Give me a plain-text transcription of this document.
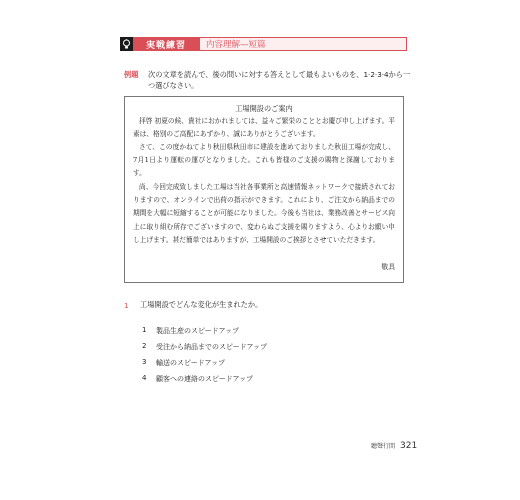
実戦練習	内容理解—短篇
例題 次の文章を読んで、後の問いに対する答えとして最もよいものを、1·2·3·4から一つ選びなさい。
工場開設のご案内
拝啓 初夏の候、貴社におかれましては、益々ご繁栄のこととお慶び申し上げます。平素は、格別のご高配にあずかり、誠にありがとうございます。
さて、この度かねてより秋田県秋田市に建設を進めておりました秋田工場が完成し、7月1日より運転の運びとなりました。これも皆様のご支援の賜物と深謝しております。
尚、今回完成致しました工場は当社各事業所と高速情報ネットワークで接続されておりますので、オンラインで出荷の指示ができます。これにより、ご注文から納品までの期間を大幅に短縮することが可能になりました。今後も当社は、業務改善とサービス向上に取り組む所存でございますので、変わらぬご支援を賜りますよう、心よりお願い申し上げます。甚だ簡単ではありますが、工場開設のご挨拶とさせていただきます。
敬具
1	工場開設でどんな変化が生まれたか。
1	製品生産のスピードアップ
2	受注から納品までのスピードアップ
3	輸送のスピードアップ
4	顧客への連絡のスピードアップ
聽聲行間 321
